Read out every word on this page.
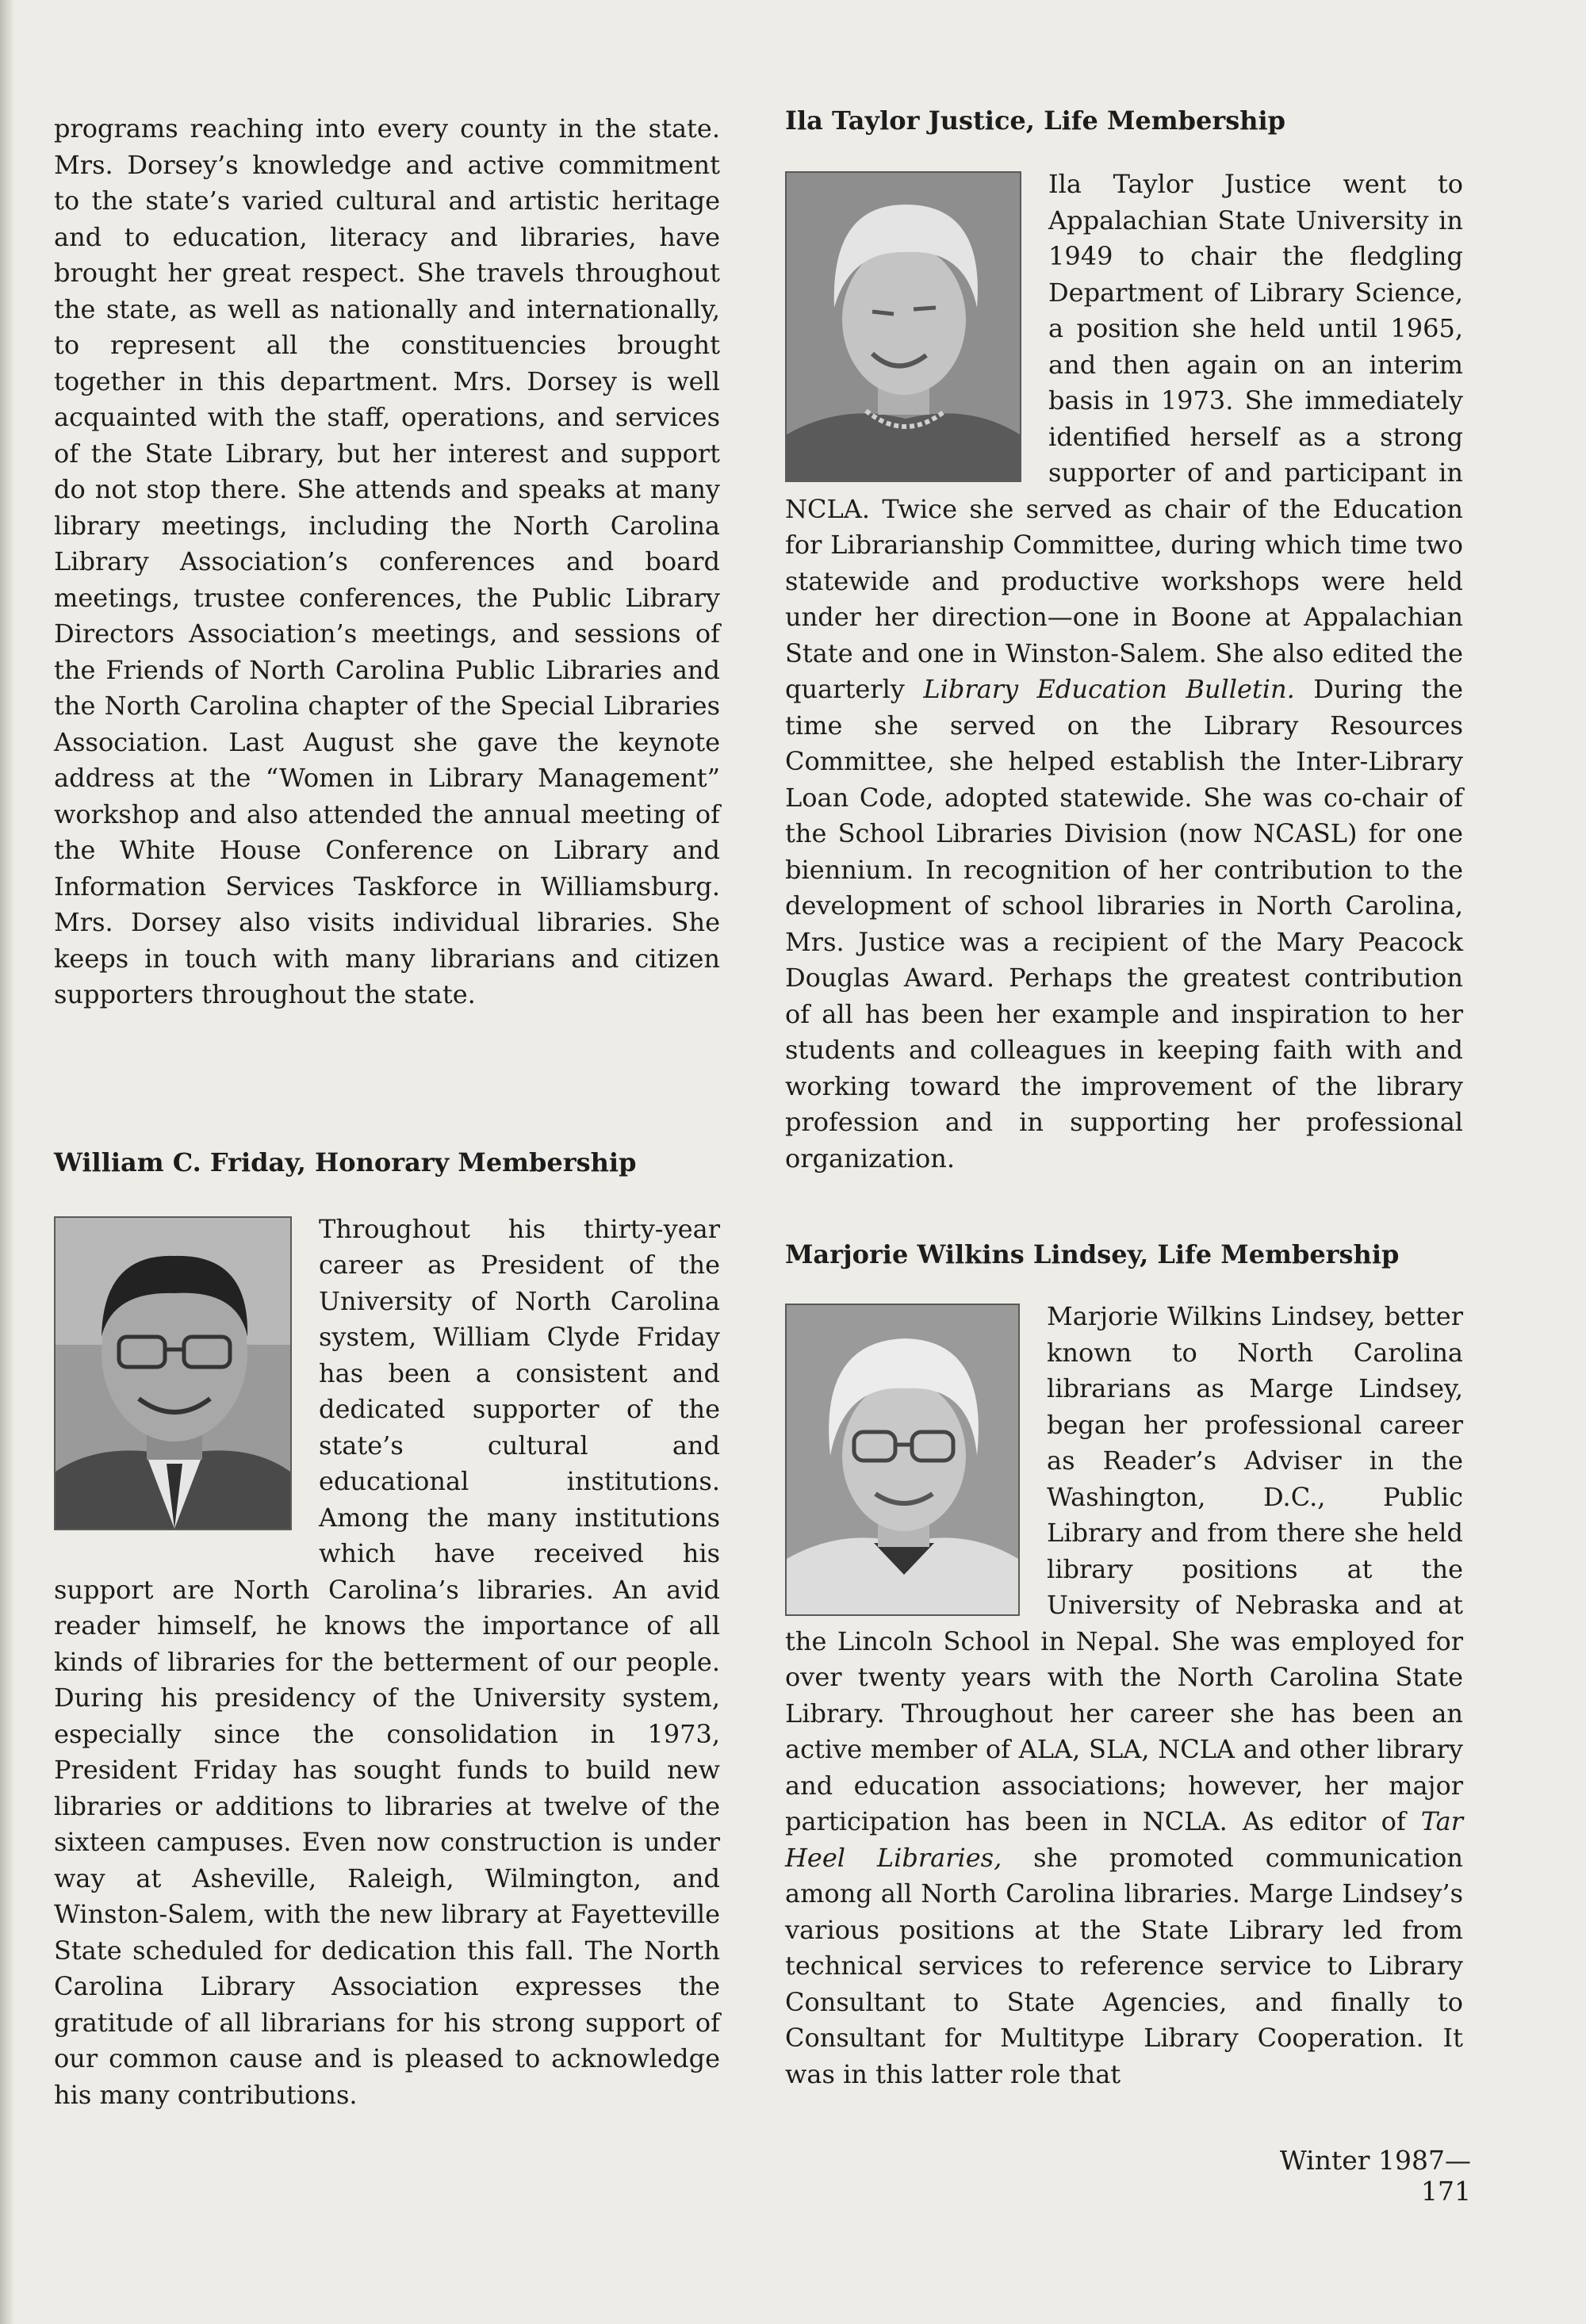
programs reaching into every county in the state. Mrs. Dorsey’s knowledge and active commitment to the state’s varied cultural and artistic heritage and to education, literacy and libraries, have brought her great respect. She travels throughout the state, as well as nationally and internationally, to represent all the constituencies brought together in this department. Mrs. Dorsey is well acquainted with the staff, operations, and services of the State Library, but her interest and support do not stop there. She attends and speaks at many library meetings, including the North Carolina Library Association’s conferences and board meetings, trustee conferences, the Public Library Directors Association’s meetings, and sessions of the Friends of North Carolina Public Libraries and the North Carolina chapter of the Special Libraries Association. Last August she gave the keynote address at the “Women in Library Management” workshop and also attended the annual meeting of the White House Conference on Library and Information Services Taskforce in Williamsburg. Mrs. Dorsey also visits individual libraries. She keeps in touch with many librarians and citizen supporters throughout the state.

William C. Friday, Honorary Membership

Throughout his thirty-year career as President of the University of North Carolina system, William Clyde Friday has been a consistent and dedicated supporter of the state’s cultural and educational institutions. Among the many institutions which have received his support are North Carolina’s libraries. An avid reader himself, he knows the importance of all kinds of libraries for the betterment of our people. During his presidency of the University system, especially since the consolidation in 1973, President Friday has sought funds to build new libraries or additions to libraries at twelve of the sixteen campuses. Even now construction is under way at Asheville, Raleigh, Wilmington, and Winston-Salem, with the new library at Fayetteville State scheduled for dedication this fall. The North Carolina Library Association expresses the gratitude of all librarians for his strong support of our common cause and is pleased to acknowledge his many contributions.

Ila Taylor Justice, Life Membership

Ila Taylor Justice went to Appalachian State University in 1949 to chair the fledgling Department of Library Science, a position she held until 1965, and then again on an interim basis in 1973. She immediately identified herself as a strong supporter of and participant in NCLA. Twice she served as chair of the Education for Librarianship Committee, during which time two statewide and productive workshops were held under her direction—one in Boone at Appalachian State and one in Winston-Salem. She also edited the quarterly Library Education Bulletin. During the time she served on the Library Resources Committee, she helped establish the Inter-Library Loan Code, adopted statewide. She was co-chair of the School Libraries Division (now NCASL) for one biennium. In recognition of her contribution to the development of school libraries in North Carolina, Mrs. Justice was a recipient of the Mary Peacock Douglas Award. Perhaps the greatest contribution of all has been her example and inspiration to her students and colleagues in keeping faith with and working toward the improvement of the library profession and in supporting her professional organization.

Marjorie Wilkins Lindsey, Life Membership

Marjorie Wilkins Lindsey, better known to North Carolina librarians as Marge Lindsey, began her professional career as Reader’s Adviser in the Washington, D.C., Public Library and from there she held library positions at the University of Nebraska and at the Lincoln School in Nepal. She was employed for over twenty years with the North Carolina State Library. Throughout her career she has been an active member of ALA, SLA, NCLA and other library and education associations; however, her major participation has been in NCLA. As editor of Tar Heel Libraries, she promoted communication among all North Carolina libraries. Marge Lindsey’s various positions at the State Library led from technical services to reference service to Library Consultant to State Agencies, and finally to Consultant for Multitype Library Cooperation. It was in this latter role that

Winter 1987—171
